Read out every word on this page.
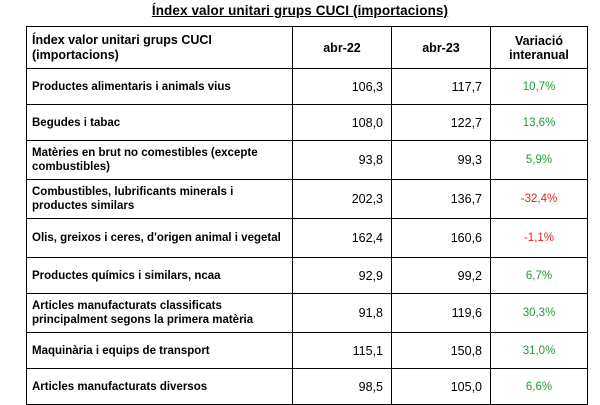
Índex valor unitari grups CUCI (importacions)
Índex valor unitari grups CUCI (importacions)	abr-22	abr-23	Variació interanual
Productes alimentaris i animals vius	106,3	117,7	10,7%
Begudes i tabac	108,0	122,7	13,6%
Matèries en brut no comestibles (excepte combustibles)	93,8	99,3	5,9%
Combustibles, lubrificants minerals i productes similars	202,3	136,7	-32,4%
Olis, greixos i ceres, d'origen animal i vegetal	162,4	160,6	-1,1%
Productes químics i similars, ncaa	92,9	99,2	6,7%
Articles manufacturats classificats principalment segons la primera matèria	91,8	119,6	30,3%
Maquinària i equips de transport	115,1	150,8	31,0%
Articles manufacturats diversos	98,5	105,0	6,6%
